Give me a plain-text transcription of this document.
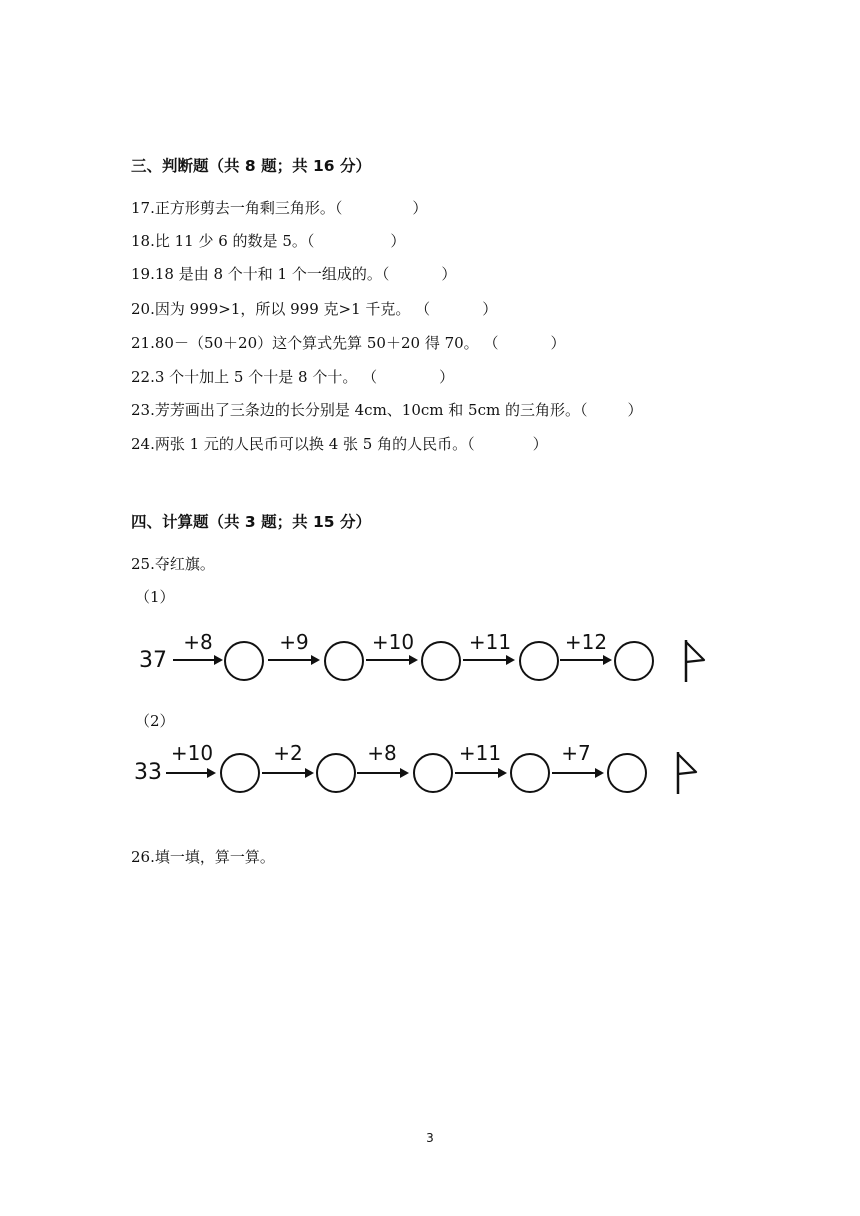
三、判断题（共 8 题；共 16 分）
17.正方形剪去一角剩三角形。（	）
18.比 11 少 6 的数是 5。（	）
19.18 是由 8 个十和 1 个一组成的。（	）
20.因为 999>1，所以 999 克>1 千克。 （	）
21.80－（50＋20）这个算式先算 50＋20 得 70。 （	）
22.3 个十加上 5 个十是 8 个十。 （	）
23.芳芳画出了三条边的长分别是 4cm、10cm 和 5cm 的三角形。（	）
24.两张 1 元的人民币可以换 4 张 5 角的人民币。（	）
四、计算题（共 3 题；共 15 分）
25.夺红旗。
（1）
37
+8	+9	+10	+11	+12
（2）
33
+10	+2	+8	+11	+7
26.填一填，算一算。
3
